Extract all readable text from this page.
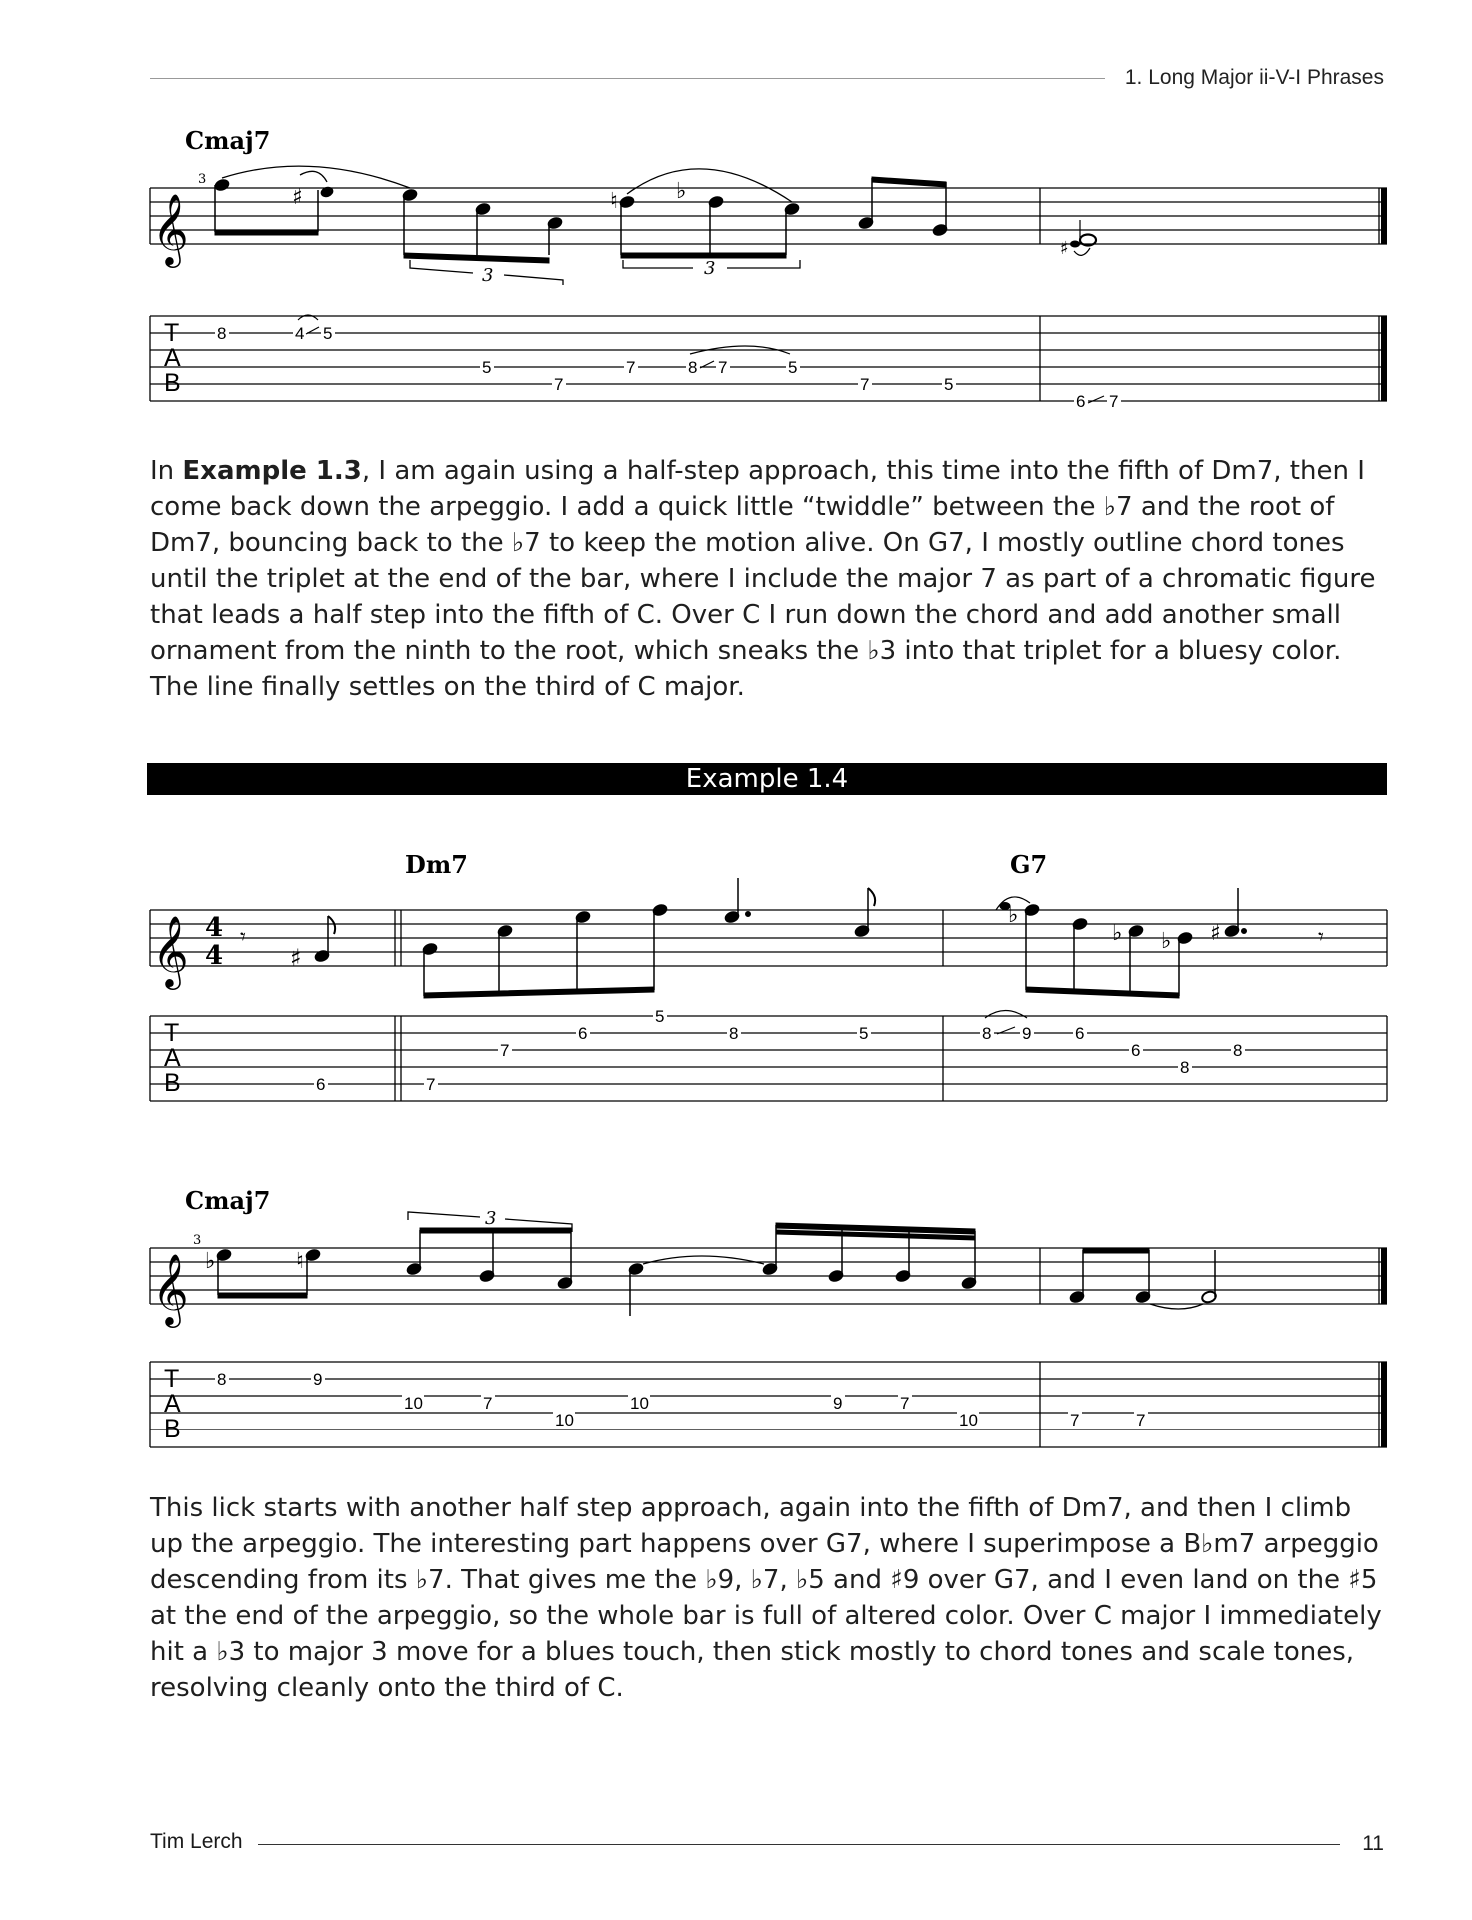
1. Long Major ii-V-I Phrases
Cmaj7
3
𝄞	♯	♮	♭
3	3
♯
T
A
B
8	4 5
5
7
7	8 7	5
7	5
6 7
In Example 1.3, I am again using a half-step approach, this time into the fifth of Dm7, then I come back down the arpeggio. I add a quick little “twiddle” between the ♭7 and the root of Dm7, bouncing back to the ♭7 to keep the motion alive. On G7, I mostly outline chord tones until the triplet at the end of the bar, where I include the major 7 as part of a chromatic figure that leads a half step into the fifth of C. Over C I run down the chord and add another small ornament from the ninth to the root, which sneaks the ♭3 into that triplet for a bluesy color. The line finally settles on the third of C major.
Example 1.4
Dm7	G7
𝄞 4
4
𝄾	𝄾
♯
♭
♭ ♭ ♯
T
A
B	6	7
7
6
5
8	5	8 9	6
6
8
8
Cmaj7
3
𝄞 ♭	♮
3
8	9
T
A
B
10	7
10
10	9	7
10	7	7
This lick starts with another half step approach, again into the fifth of Dm7, and then I climb up the arpeggio. The interesting part happens over G7, where I superimpose a B♭m7 arpeggio descending from its ♭7. That gives me the ♭9, ♭7, ♭5 and ♯9 over G7, and I even land on the ♯5 at the end of the arpeggio, so the whole bar is full of altered color. Over C major I immediately hit a ♭3 to major 3 move for a blues touch, then stick mostly to chord tones and scale tones, resolving cleanly onto the third of C.
Tim Lerch	11
